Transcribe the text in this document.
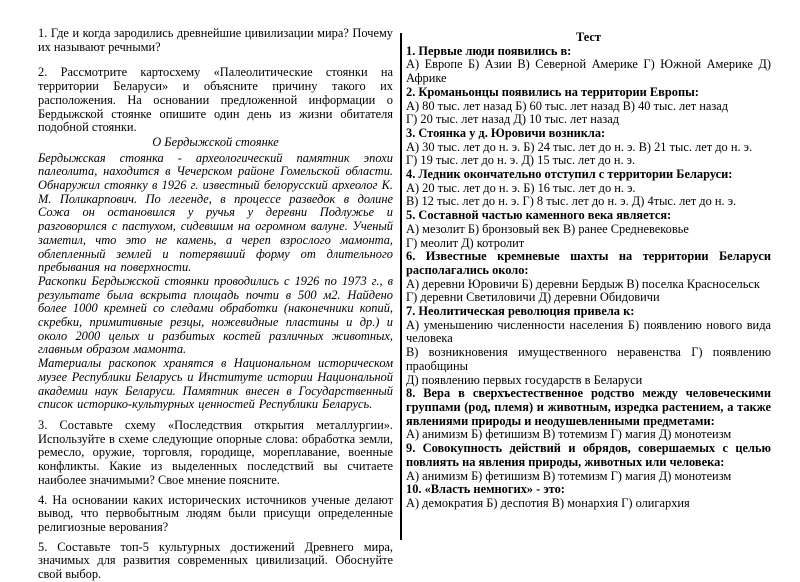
1. Где и когда зародились древнейшие цивилизации мира? Почему их называют речными?
2. Рассмотрите картосхему «Палеолитические стоянки на территории Беларуси» и объясните причину такого их расположения. На основании предложенной информации о Бердыжской стоянке опишите один день из жизни обитателя подобной стоянки.
О Бердыжской стоянке
Бердыжская стоянка - археологический памятник эпохи палеолита, находится в Чечерском районе Гомельской области. Обнаружил стоянку в 1926 г. известный белорусский археолог К. М. Поликарпович. По легенде, в процессе разведок в долине Сожа он остановился у ручья у деревни Подлужье и разговорился с пастухом, сидевшим на огромном валуне. Ученый заметил, что это не камень, а череп взрослого мамонта, облепленный землей и потерявший форму от длительного пребывания на поверхности.
Раскопки Бердыжской стоянки проводились с 1926 по 1973 г., в результате была вскрыта площадь почти в 500 м2. Найдено более 1000 кремней со следами обработки (наконечники копий, скребки, примитивные резцы, ножевидные пластины и др.) и около 2000 целых и разбитых костей различных животных, главным образом мамонта.
Материалы раскопок хранятся в Национальном историческом музее Республики Беларусь и Институте истории Национальной академии наук Беларуси. Памятник внесен в Государственный список историко-культурных ценностей Республики Беларусь.
3. Составьте схему «Последствия открытия металлургии». Используйте в схеме следующие опорные слова: обработка земли, ремесло, оружие, торговля, городище, мореплавание, военные конфликты. Какие из выделенных последствий вы считаете наиболее значимыми? Свое мнение поясните.
4. На основании каких исторических источников ученые делают вывод, что первобытным людям были присущи определенные религиозные верования?
5. Составьте топ-5 культурных достижений Древнего мира, значимых для развития современных цивилизаций. Обоснуйте свой выбор.
Тест
1. Первые люди появились в:
А) Европе Б) Азии В) Северной Америке Г) Южной Америке Д) Африке
2. Кроманьонцы появились на территории Европы:
А) 80 тыс. лет назад Б) 60 тыс. лет назад В) 40 тыс. лет назад
Г) 20 тыс. лет назад Д) 10 тыс. лет назад
3. Стоянка у д. Юровичи возникла:
А) 30 тыс. лет до н. э. Б) 24 тыс. лет до н. э. В) 21 тыс. лет до н. э.
Г) 19 тыс. лет до н. э. Д) 15 тыс. лет до н. э.
4. Ледник окончательно отступил с территории Беларуси:
А) 20 тыс. лет до н. э. Б) 16 тыс. лет до н. э.
В) 12 тыс. лет до н. э. Г) 8 тыс. лет до н. э. Д) 4тыс. лет до н. э.
5. Составной частью каменного века является:
А) мезолит Б) бронзовый век В) ранее Средневековье
Г) меолит Д) котролит
6. Известные кремневые шахты на территории Беларуси располагались около:
А) деревни Юровичи Б) деревни Бердыж В) поселка Красносельск
Г) деревни Светиловичи Д) деревни Обидовичи
7. Неолитическая революция привела к:
А) уменьшению численности населения Б) появлению нового вида человека
В) возникновения имущественного неравенства Г) появлению праобщины
Д) появлению первых государств в Беларуси
8. Вера в сверхъестественное родство между человеческими группами (род, племя) и животным, изредка растением, а также явлениями природы и неодушевленными предметами:
А) анимизм Б) фетишизм В) тотемизм Г) магия Д) монотеизм
9. Совокупность действий и обрядов, совершаемых с целью повлиять на явления природы, животных или человека:
А) анимизм Б) фетишизм В) тотемизм Г) магия Д) монотеизм
10. «Власть немногих» - это:
А) демократия Б) деспотия В) монархия Г) олигархия
